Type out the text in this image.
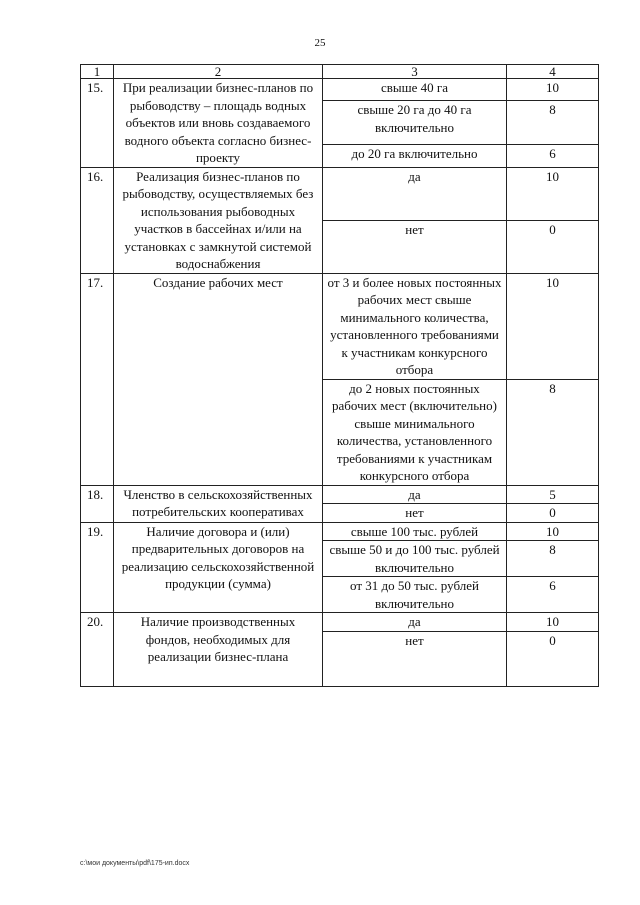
25
1	2	3	4
15.	При реализации бизнес-планов по рыбоводству – площадь водных объектов или вновь создаваемого водного объекта согласно бизнес-проекту	свыше 40 га	10
		свыше 20 га до 40 га включительно	8
		до 20 га включительно	6
16.	Реализация бизнес-планов по рыбоводству, осуществляемых без использования рыбоводных участков в бассейнах и/или на установках с замкнутой системой водоснабжения	да	10
		нет	0
17.	Создание рабочих мест	от 3 и более новых постоянных рабочих мест свыше минимального количества, установленного требованиями к участникам конкурсного отбора	10
		до 2 новых постоянных рабочих мест (включительно) свыше минимального количества, установленного требованиями к участникам конкурсного отбора	8
18.	Членство в сельскохозяйственных потребительских кооперативах	да	5
		нет	0
19.	Наличие договора и (или) предварительных договоров на реализацию сельскохозяйственной продукции (сумма)	свыше 100 тыс. рублей	10
		свыше 50 и до 100 тыс. рублей включительно	8
		от 31 до 50 тыс. рублей включительно	6
20.	Наличие производственных фондов, необходимых для реализации бизнес-плана	да	10
		нет	0
c:\мои документы\pdf\175-ип.docx
